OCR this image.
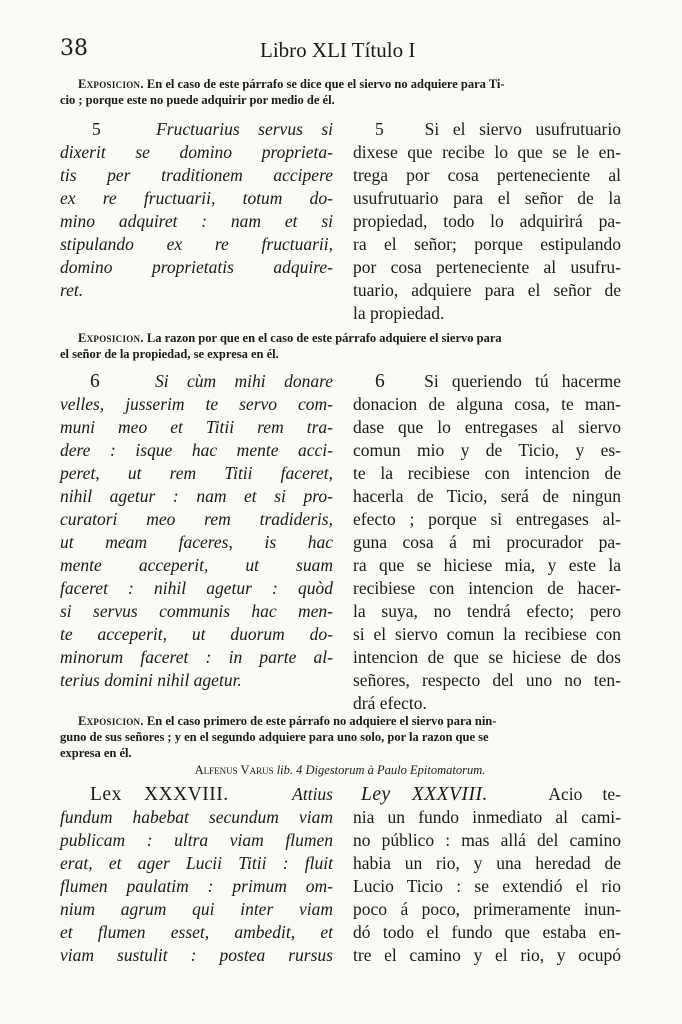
38	Libro XLI Título I
Exposicion. En el caso de este párrafo se dice que el siervo no adquiere para Ti-
cio ; porque este no puede adquirir por medio de él.
5	Fructuarius servus si
dixerit se domino proprieta-
tis per traditionem accipere
ex re fructuarii, totum do-
mino adquiret : nam et si
stipulando ex re fructuarii,
domino proprietatis adquire-
ret.
5 Si el siervo usufrutuario
dixese que recibe lo que se le en-
trega por cosa perteneciente al
usufrutuario para el señor de la
propiedad, todo lo adquirirá pa-
ra el señor; porque estipulando
por cosa perteneciente al usufru-
tuario, adquiere para el señor de
la propiedad.
Exposicion. La razon por que en el caso de este párrafo adquiere el siervo para
el señor de la propiedad, se expresa en él.
6	Si cùm mihi donare
velles, jusserim te servo com-
muni meo et Titii rem tra-
dere : isque hac mente acci-
peret, ut rem Titii faceret,
nihil agetur : nam et si pro-
curatori meo rem tradideris,
ut meam faceres, is hac
mente acceperit, ut suam
faceret : nihil agetur : quòd
si servus communis hac men-
te acceperit, ut duorum do-
minorum faceret : in parte al-
terius domini nihil agetur.
6 Si queriendo tú hacerme
donacion de alguna cosa, te man-
dase que lo entregases al siervo
comun mio y de Ticio, y es-
te la recibiese con intencion de
hacerla de Ticio, será de ningun
efecto ; porque si entregases al-
guna cosa á mi procurador pa-
ra que se hiciese mia, y este la
recibiese con intencion de hacer-
la suya, no tendrá efecto; pero
si el siervo comun la recibiese con
intencion de que se hiciese de dos
señores, respecto del uno no ten-
drá efecto.
Exposicion. En el caso primero de este párrafo no adquiere el siervo para nin-
guno de sus señores ; y en el segundo adquiere para uno solo, por la razon que se
expresa en él.
Alfenus Varus lib. 4 Digestorum à Paulo Epitomatorum.
Lex XXXVIII.	Attius
fundum habebat secundum viam
publicam : ultra viam flumen
erat, et ager Lucii Titii : fluit
flumen paulatim : primum om-
nium agrum qui inter viam
et flumen esset, ambedit, et
viam sustulit : postea rursus
Ley XXXVIII.	Acio te-
nia un fundo inmediato al cami-
no público : mas allá del camino
habia un rio, y una heredad de
Lucio Ticio : se extendió el rio
poco á poco, primeramente inun-
dó todo el fundo que estaba en-
tre el camino y el rio, y ocupó
